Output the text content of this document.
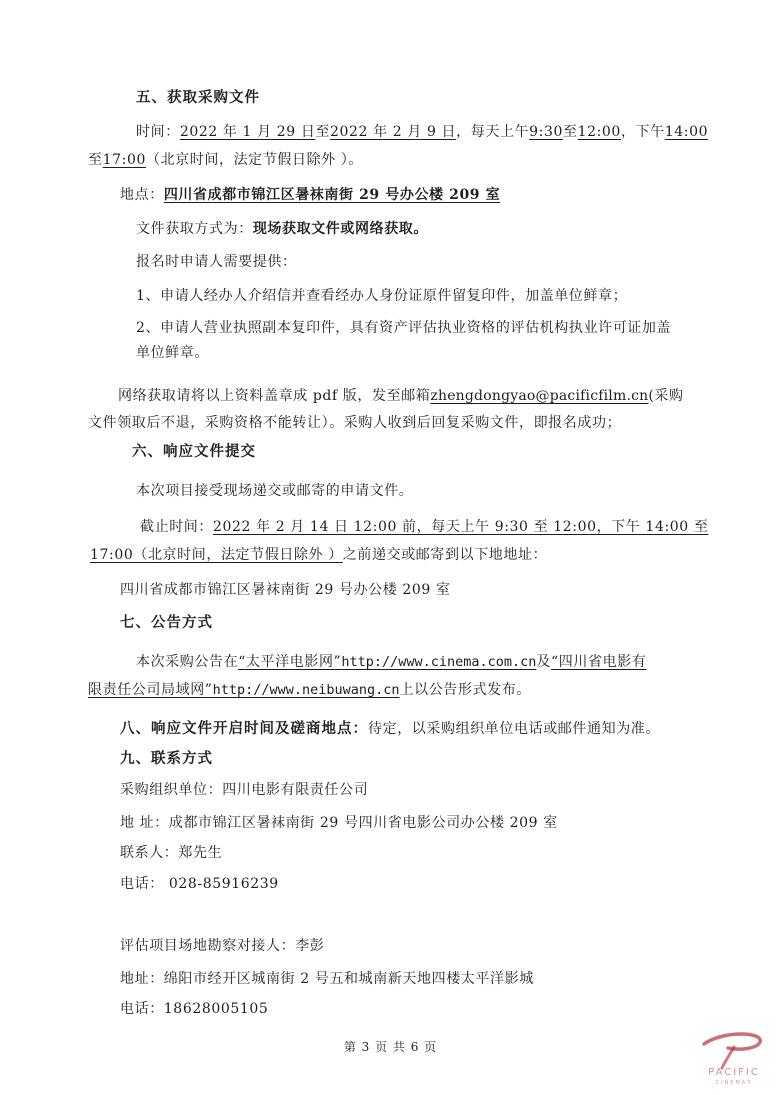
五、获取采购文件
时间：2022 年 1 月 29 日至2022 年 2 月 9 日，每天上午9:30至12:00，下午14:00
至17:00（北京时间，法定节假日除外 ）。
地点：四川省成都市锦江区暑袜南街 29 号办公楼 209 室
文件获取方式为：现场获取文件或网络获取。
报名时申请人需要提供：
1、申请人经办人介绍信并查看经办人身份证原件留复印件，加盖单位鲜章；
2、申请人营业执照副本复印件，具有资产评估执业资格的评估机构执业许可证加盖
单位鲜章。
网络获取请将以上资料盖章成 pdf 版，发至邮箱zhengdongyao@pacificfilm.cn(采购
文件领取后不退，采购资格不能转让）。采购人收到后回复采购文件，即报名成功；
六、响应文件提交
本次项目接受现场递交或邮寄的申请文件。
截止时间：2022 年 2 月 14 日 12:00 前，每天上午 9:30 至 12:00，下午 14:00 至
17:00（北京时间，法定节假日除外 ）之前递交或邮寄到以下地地址：
四川省成都市锦江区暑袜南街 29 号办公楼 209 室
七、公告方式
本次采购公告在“太平洋电影网”http://www.cinema.com.cn及“四川省电影有
限责任公司局域网”http://www.neibuwang.cn上以公告形式发布。
八、响应文件开启时间及磋商地点：待定，以采购组织单位电话或邮件通知为准。
九、联系方式
采购组织单位：四川电影有限责任公司
地 址：成都市锦江区暑袜南街 29 号四川省电影公司办公楼 209 室
联系人：郑先生
电话： 028-85916239
评估项目场地勘察对接人：李彭
地址：绵阳市经开区城南街 2 号五和城南新天地四楼太平洋影城
电话：18628005105
第 3 页 共 6 页
PACIFIC
CINEMAS
